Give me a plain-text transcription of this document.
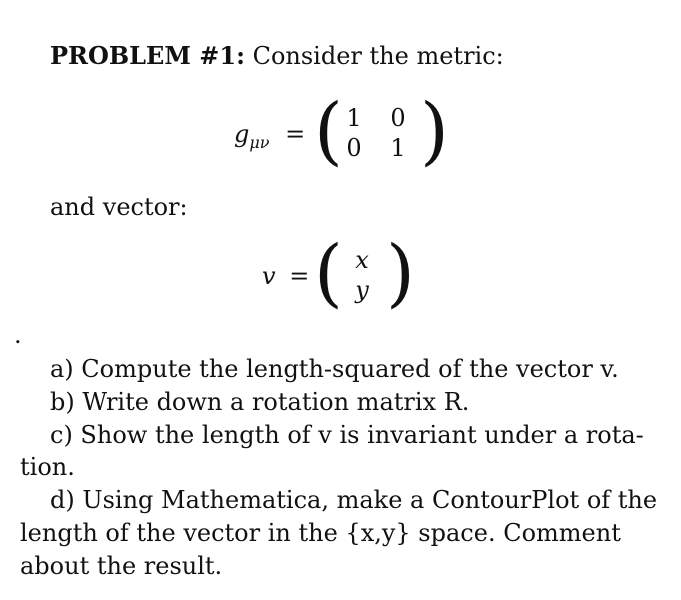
PROBLEM #1: Consider the metric:
$g_{\mu\nu}$ = ( 1 0
0 1 )
and vector:
v = ( x
y )
.
a) Compute the length-squared of the vector v.
b) Write down a rotation matrix R.
c) Show the length of v is invariant under a rota-
tion.
d) Using Mathematica, make a ContourPlot of the
length of the vector in the {x,y} space. Comment
about the result.
